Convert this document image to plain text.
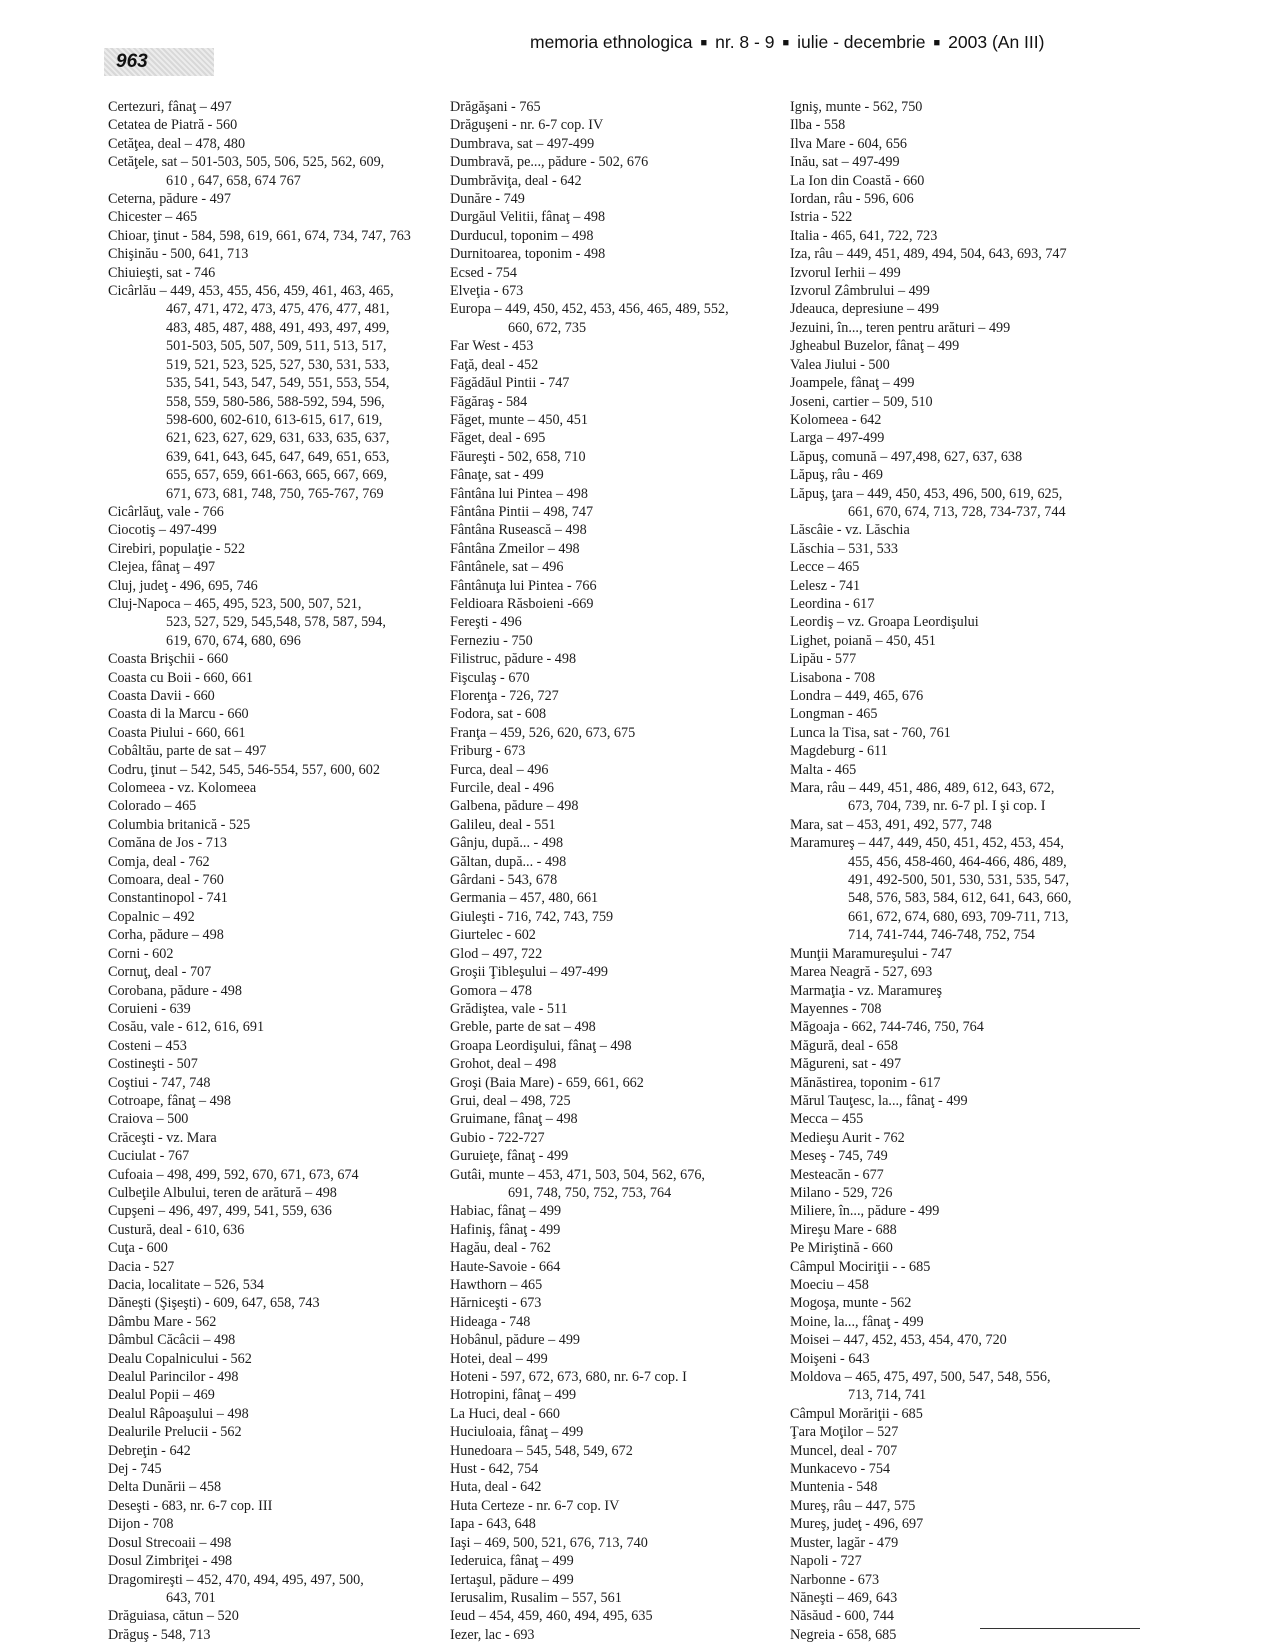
963
memoria ethnologica ■ nr. 8 - 9 ■ iulie - decembrie ■ 2003 (An III)
Certezuri, fânaţ – 497
Cetatea de Piatră - 560
Cetăţea, deal – 478, 480
Cetăţele, sat – 501-503, 505, 506, 525, 562, 609,
610 , 647, 658, 674 767
Ceterna, pădure - 497
Chicester – 465
Chioar, ţinut - 584, 598, 619, 661, 674, 734, 747, 763
Chişinău - 500, 641, 713
Chiuieşti, sat - 746
Cicârlău – 449, 453, 455, 456, 459, 461, 463, 465,
467, 471, 472, 473, 475, 476, 477, 481,
483, 485, 487, 488, 491, 493, 497, 499,
501-503, 505, 507, 509, 511, 513, 517,
519, 521, 523, 525, 527, 530, 531, 533,
535, 541, 543, 547, 549, 551, 553, 554,
558, 559, 580-586, 588-592, 594, 596,
598-600, 602-610, 613-615, 617, 619,
621, 623, 627, 629, 631, 633, 635, 637,
639, 641, 643, 645, 647, 649, 651, 653,
655, 657, 659, 661-663, 665, 667, 669,
671, 673, 681, 748, 750, 765-767, 769
Cicârlăuţ, vale - 766
Ciocotiş – 497-499
Cirebiri, populaţie - 522
Clejea, fânaţ – 497
Cluj, judeţ - 496, 695, 746
Cluj-Napoca – 465, 495, 523, 500, 507, 521,
523, 527, 529, 545,548, 578, 587, 594,
619, 670, 674, 680, 696
Coasta Brişchii - 660
Coasta cu Boii - 660, 661
Coasta Davii - 660
Coasta di la Marcu - 660
Coasta Piului - 660, 661
Cobâltău, parte de sat – 497
Codru, ţinut – 542, 545, 546-554, 557, 600, 602
Colomeea - vz. Kolomeea
Colorado – 465
Columbia britanică - 525
Comăna de Jos - 713
Comja, deal - 762
Comoara, deal - 760
Constantinopol - 741
Copalnic – 492
Corha, pădure – 498
Corni - 602
Cornuţ, deal - 707
Corobana, pădure - 498
Coruieni - 639
Cosău, vale - 612, 616, 691
Costeni – 453
Costineşti - 507
Coştiui - 747, 748
Cotroape, fânaţ – 498
Craiova – 500
Crăceşti - vz. Mara
Cuciulat - 767
Cufoaia – 498, 499, 592, 670, 671, 673, 674
Culbeţile Albului, teren de arătură – 498
Cupşeni – 496, 497, 499, 541, 559, 636
Custură, deal - 610, 636
Cuţa - 600
Dacia - 527
Dacia, localitate – 526, 534
Dăneşti (Şişeşti) - 609, 647, 658, 743
Dâmbu Mare - 562
Dâmbul Căcâcii – 498
Dealu Copalnicului - 562
Dealul Parincilor - 498
Dealul Popii – 469
Dealul Râpoaşului – 498
Dealurile Prelucii - 562
Debreţin - 642
Dej - 745
Delta Dunării – 458
Deseşti - 683, nr. 6-7 cop. III
Dijon - 708
Dosul Strecoaii – 498
Dosul Zimbriţei - 498
Dragomireşti – 452, 470, 494, 495, 497, 500,
643, 701
Drăguiasa, cătun – 520
Drăguş - 548, 713
Drăgăşani - 765
Drăguşeni - nr. 6-7 cop. IV
Dumbrava, sat – 497-499
Dumbravă, pe..., pădure - 502, 676
Dumbrăviţa, deal - 642
Dunăre - 749
Durgăul Velitii, fânaţ – 498
Durducul, toponim – 498
Durnitoarea, toponim - 498
Ecsed - 754
Elveţia - 673
Europa – 449, 450, 452, 453, 456, 465, 489, 552,
660, 672, 735
Far West - 453
Faţă, deal - 452
Făgădăul Pintii - 747
Făgăraş - 584
Făget, munte – 450, 451
Făget, deal - 695
Făureşti - 502, 658, 710
Fânaţe, sat - 499
Fântâna lui Pintea – 498
Fântâna Pintii – 498, 747
Fântâna Rusească – 498
Fântâna Zmeilor – 498
Fântânele, sat – 496
Fântânuţa lui Pintea - 766
Feldioara Răsboieni -669
Fereşti - 496
Ferneziu - 750
Filistruc, pădure - 498
Fişculaş - 670
Florenţa - 726, 727
Fodora, sat - 608
Franţa – 459, 526, 620, 673, 675
Friburg - 673
Furca, deal – 496
Furcile, deal - 496
Galbena, pădure – 498
Galileu, deal - 551
Gânju, după... - 498
Găltan, după... - 498
Gârdani - 543, 678
Germania – 457, 480, 661
Giuleşti - 716, 742, 743, 759
Giurtelec - 602
Glod – 497, 722
Groşii Ţibleşului – 497-499
Gomora – 478
Grădiştea, vale - 511
Greble, parte de sat – 498
Groapa Leordişului, fânaţ – 498
Grohot, deal – 498
Groşi (Baia Mare) - 659, 661, 662
Grui, deal – 498, 725
Gruimane, fânaţ – 498
Gubio - 722-727
Guruieţe, fânaţ - 499
Gutâi, munte – 453, 471, 503, 504, 562, 676,
691, 748, 750, 752, 753, 764
Habiac, fânaţ – 499
Hafiniş, fânaţ - 499
Hagău, deal - 762
Haute-Savoie - 664
Hawthorn – 465
Hărniceşti - 673
Hideaga - 748
Hobânul, pădure – 499
Hotei, deal – 499
Hoteni - 597, 672, 673, 680, nr. 6-7 cop. I
Hotropini, fânaţ – 499
La Huci, deal - 660
Huciuloaia, fânaţ – 499
Hunedoara – 545, 548, 549, 672
Hust - 642, 754
Huta, deal - 642
Huta Certeze - nr. 6-7 cop. IV
Iapa - 643, 648
Iaşi – 469, 500, 521, 676, 713, 740
Iederuica, fânaţ – 499
Iertaşul, pădure – 499
Ierusalim, Rusalim – 557, 561
Ieud – 454, 459, 460, 494, 495, 635
Iezer, lac - 693
Igniş, munte - 562, 750
Ilba - 558
Ilva Mare - 604, 656
Inău, sat – 497-499
La Ion din Coastă - 660
Iordan, râu - 596, 606
Istria - 522
Italia - 465, 641, 722, 723
Iza, râu – 449, 451, 489, 494, 504, 643, 693, 747
Izvorul Ierhii – 499
Izvorul Zâmbrului – 499
Jdeauca, depresiune – 499
Jezuini, în..., teren pentru arături – 499
Jgheabul Buzelor, fânaţ – 499
Valea Jiului - 500
Joampele, fânaţ – 499
Joseni, cartier – 509, 510
Kolomeea - 642
Larga – 497-499
Lăpuş, comună – 497,498, 627, 637, 638
Lăpuş, râu - 469
Lăpuş, ţara – 449, 450, 453, 496, 500, 619, 625,
661, 670, 674, 713, 728, 734-737, 744
Lăscâie - vz. Lăschia
Lăschia – 531, 533
Lecce – 465
Lelesz - 741
Leordina - 617
Leordiş – vz. Groapa Leordişului
Lighet, poiană – 450, 451
Lipău - 577
Lisabona - 708
Londra – 449, 465, 676
Longman - 465
Lunca la Tisa, sat - 760, 761
Magdeburg - 611
Malta - 465
Mara, râu – 449, 451, 486, 489, 612, 643, 672,
673, 704, 739, nr. 6-7 pl. I şi cop. I
Mara, sat – 453, 491, 492, 577, 748
Maramureş – 447, 449, 450, 451, 452, 453, 454,
455, 456, 458-460, 464-466, 486, 489,
491, 492-500, 501, 530, 531, 535, 547,
548, 576, 583, 584, 612, 641, 643, 660,
661, 672, 674, 680, 693, 709-711, 713,
714, 741-744, 746-748, 752, 754
Munţii Maramureşului - 747
Marea Neagră - 527, 693
Marmaţia - vz. Maramureş
Mayennes - 708
Măgoaja - 662, 744-746, 750, 764
Măgură, deal - 658
Măgureni, sat - 497
Mănăstirea, toponim - 617
Mărul Tauţesc, la..., fânaţ - 499
Mecca – 455
Medieşu Aurit - 762
Meseş - 745, 749
Mesteacăn - 677
Milano - 529, 726
Miliere, în..., pădure - 499
Mireşu Mare - 688
Pe Miriştină - 660
Câmpul Mociriţii - - 685
Moeciu – 458
Mogoşa, munte - 562
Moine, la..., fânaţ - 499
Moisei – 447, 452, 453, 454, 470, 720
Moişeni - 643
Moldova – 465, 475, 497, 500, 547, 548, 556,
713, 714, 741
Câmpul Morăriţii - 685
Ţara Moţilor – 527
Muncel, deal - 707
Munkacevo - 754
Muntenia - 548
Mureş, râu – 447, 575
Mureş, judeţ - 496, 697
Muster, lagăr - 479
Napoli - 727
Narbonne - 673
Năneşti – 469, 643
Năsăud - 600, 744
Negreia - 658, 685
